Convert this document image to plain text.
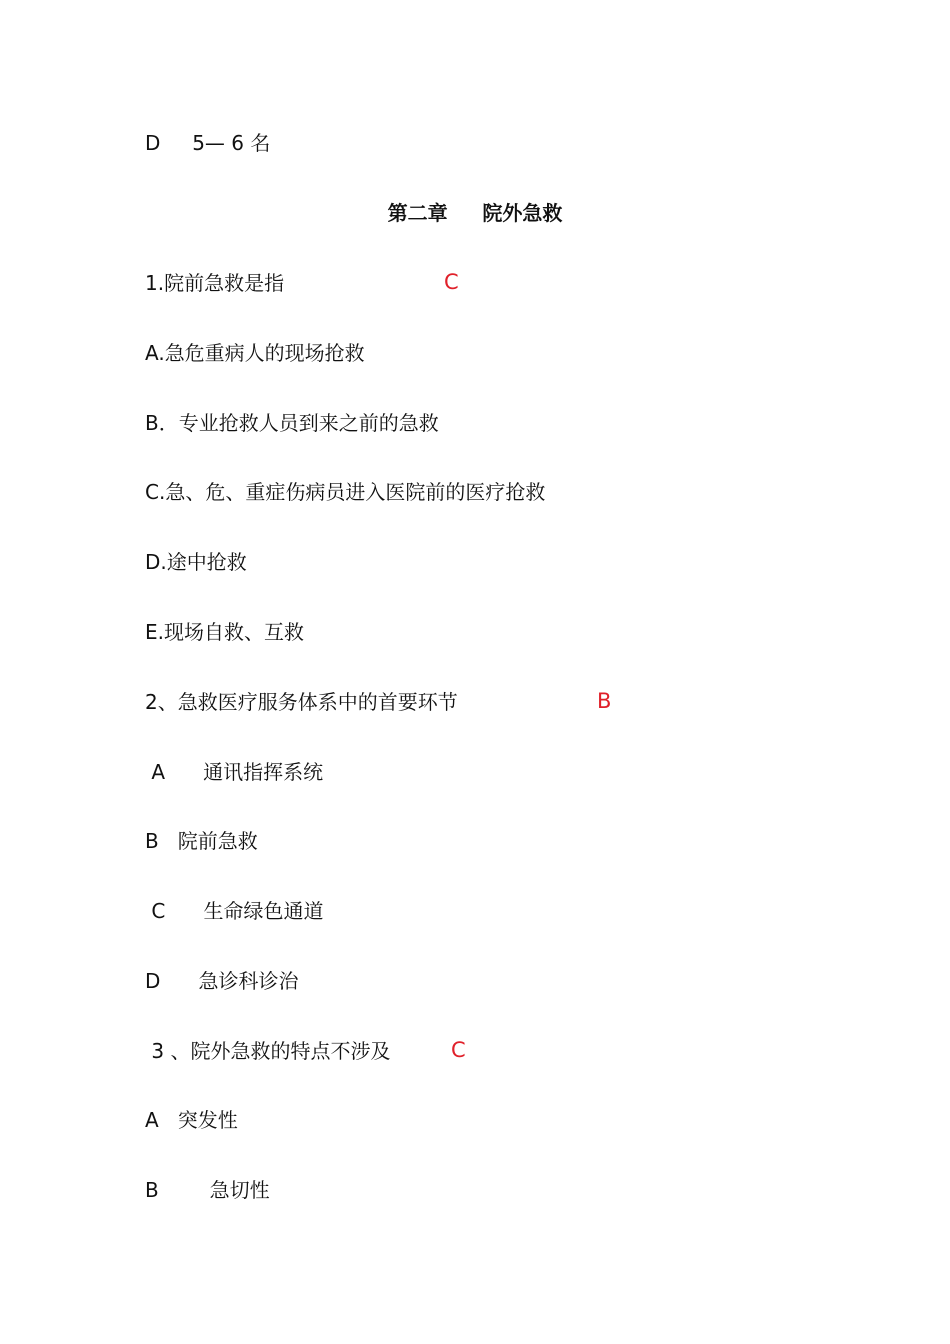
D     5— 6 名
第二章     院外急救
1.院前急救是指	C
A.急危重病人的现场抢救
B．专业抢救人员到来之前的急救
C.急、危、重症伤病员进入医院前的医疗抢救
D.途中抢救
E.现场自救、互救
2、急救医疗服务体系中的首要环节	B
A      通讯指挥系统
B   院前急救
C      生命绿色通道
D      急诊科诊治
3 、院外急救的特点不涉及	C
A   突发性
B        急切性
